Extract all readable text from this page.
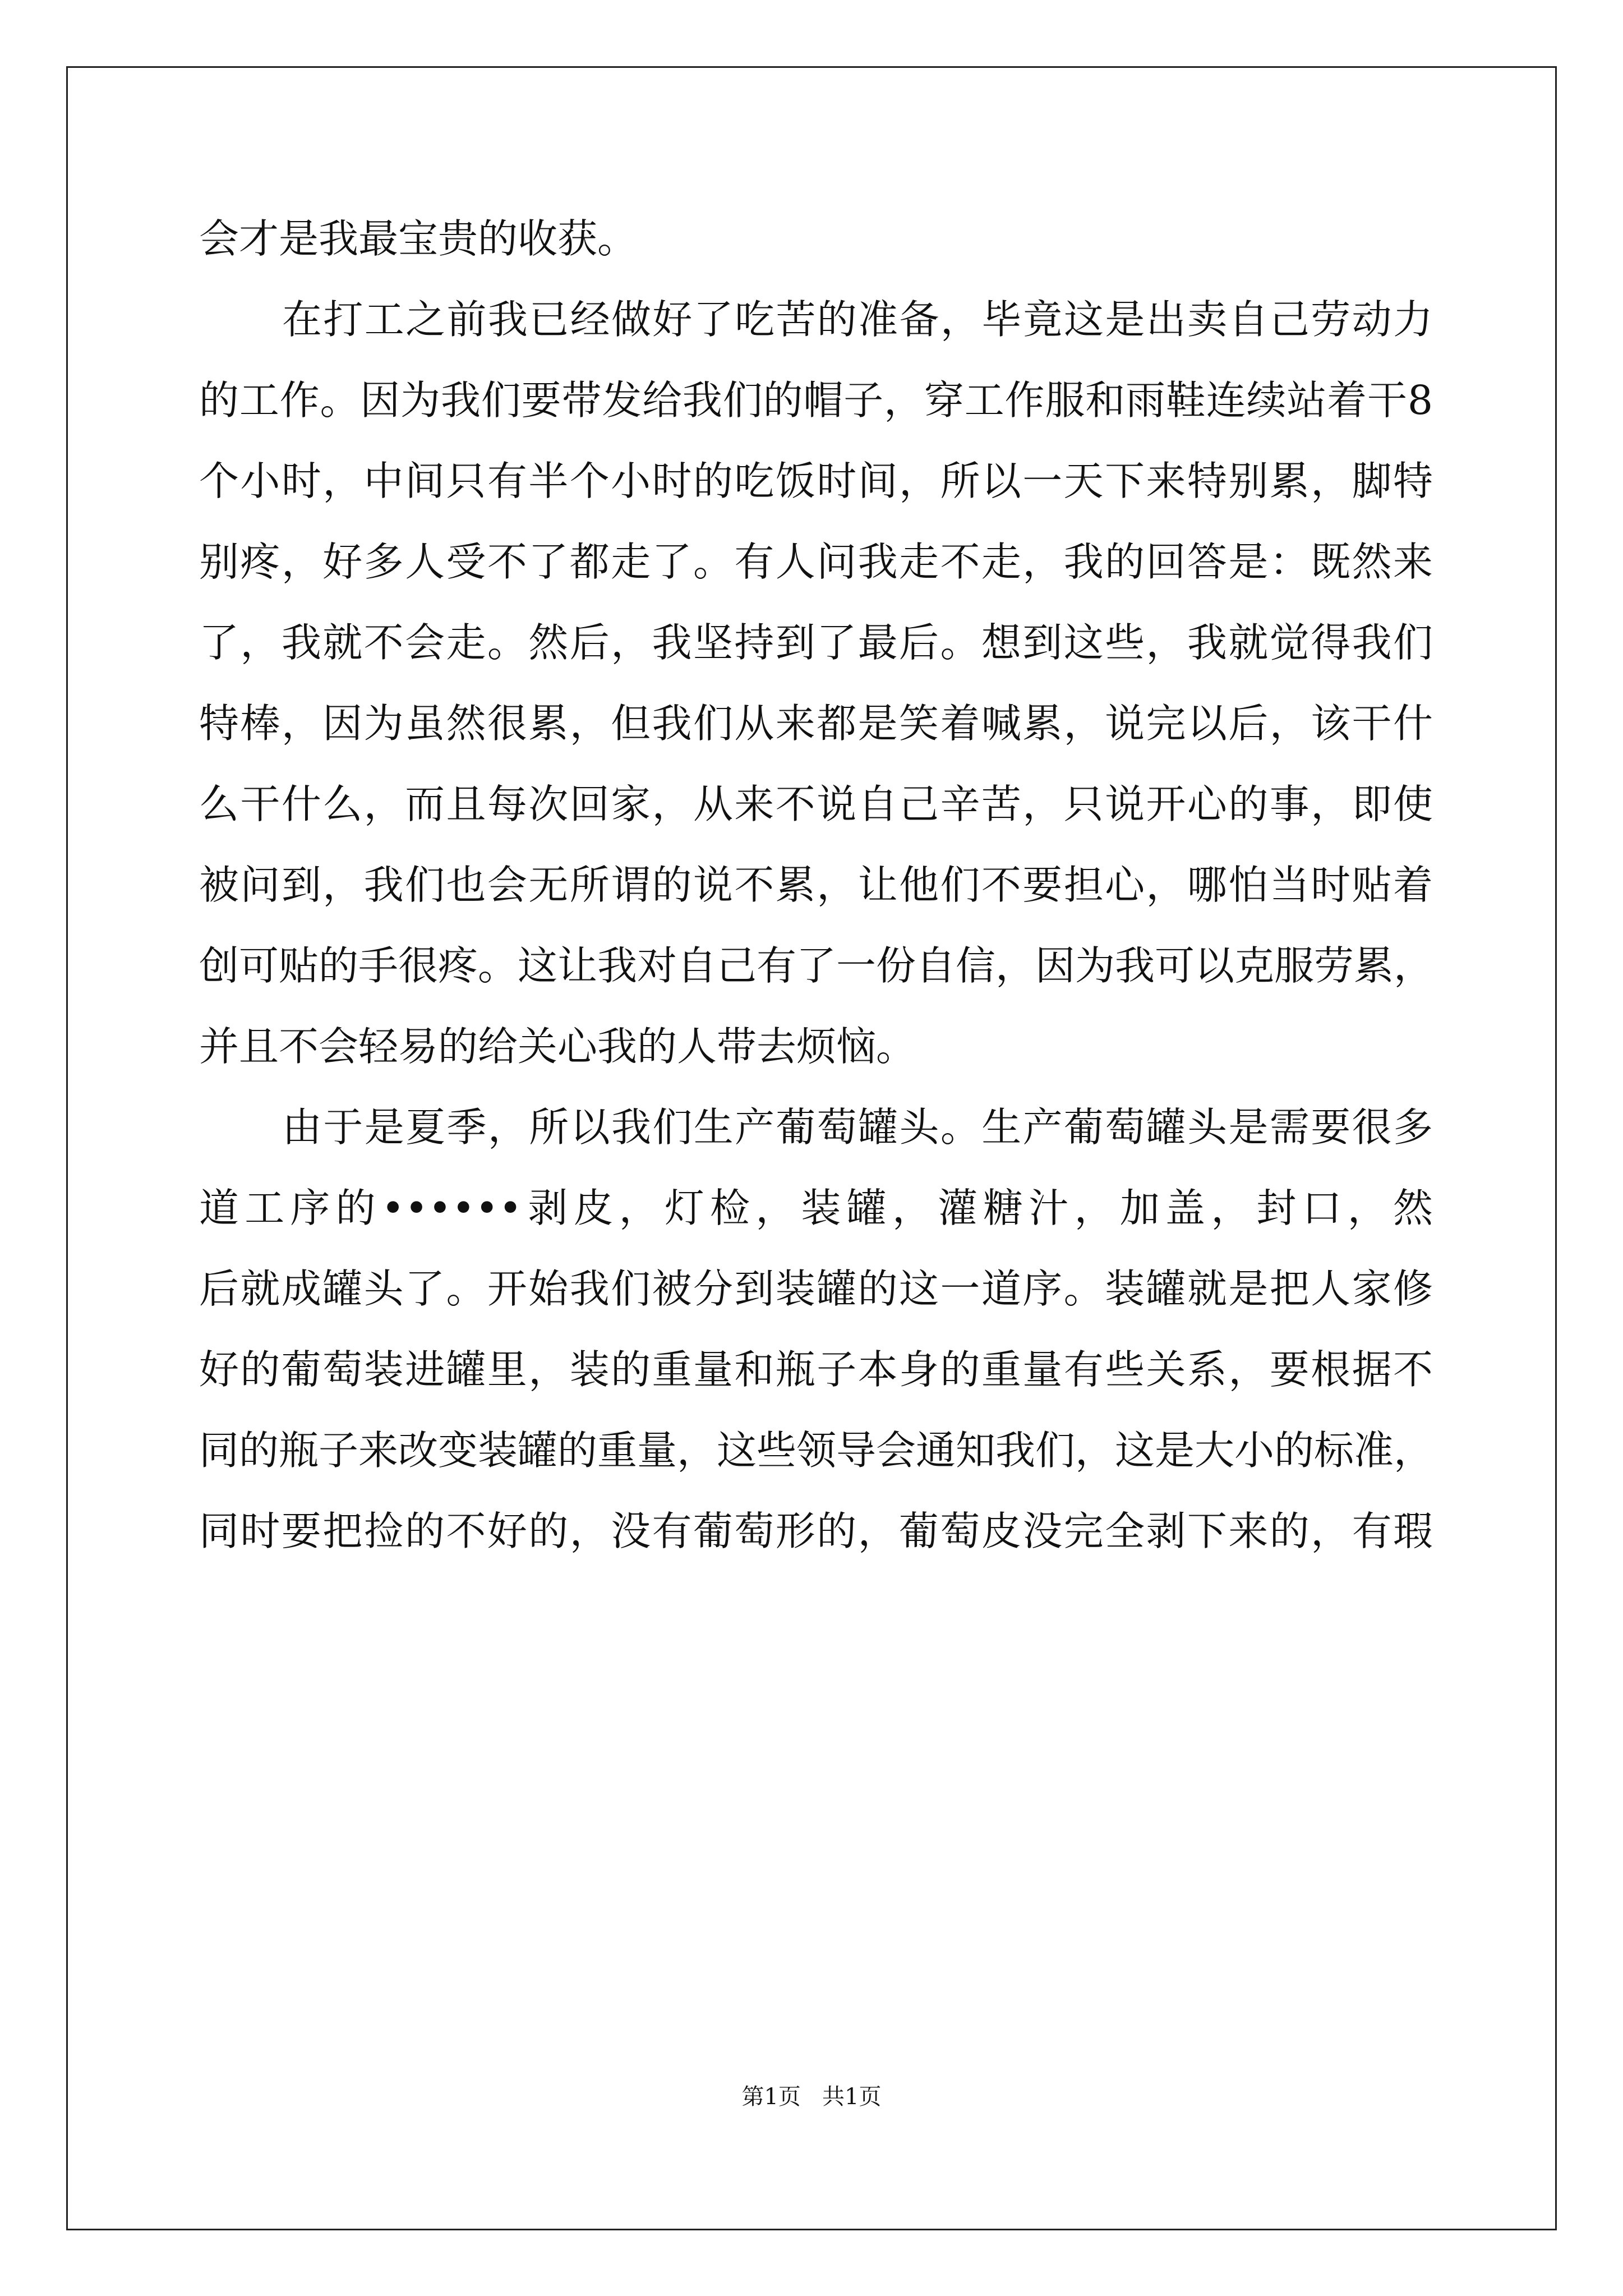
会才是我最宝贵的收获。
在打工之前我已经做好了吃苦的准备，毕竟这是出卖自己劳动力
的工作。因为我们要带发给我们的帽子，穿工作服和雨鞋连续站着干8
个小时，中间只有半个小时的吃饭时间，所以一天下来特别累，脚特
别疼，好多人受不了都走了。有人问我走不走，我的回答是：既然来
了，我就不会走。然后，我坚持到了最后。想到这些，我就觉得我们
特棒，因为虽然很累，但我们从来都是笑着喊累，说完以后，该干什
么干什么，而且每次回家，从来不说自己辛苦，只说开心的事，即使
被问到，我们也会无所谓的说不累，让他们不要担心，哪怕当时贴着
创可贴的手很疼。这让我对自己有了一份自信，因为我可以克服劳累，
并且不会轻易的给关心我的人带去烦恼。
由于是夏季，所以我们生产葡萄罐头。生产葡萄罐头是需要很多
道工序的••••••剥皮，灯检，装罐，灌糖汁，加盖，封口，然
后就成罐头了。开始我们被分到装罐的这一道序。装罐就是把人家修
好的葡萄装进罐里，装的重量和瓶子本身的重量有些关系，要根据不
同的瓶子来改变装罐的重量，这些领导会通知我们，这是大小的标准，
同时要把捡的不好的，没有葡萄形的，葡萄皮没完全剥下来的，有瑕
第1页   共1页
